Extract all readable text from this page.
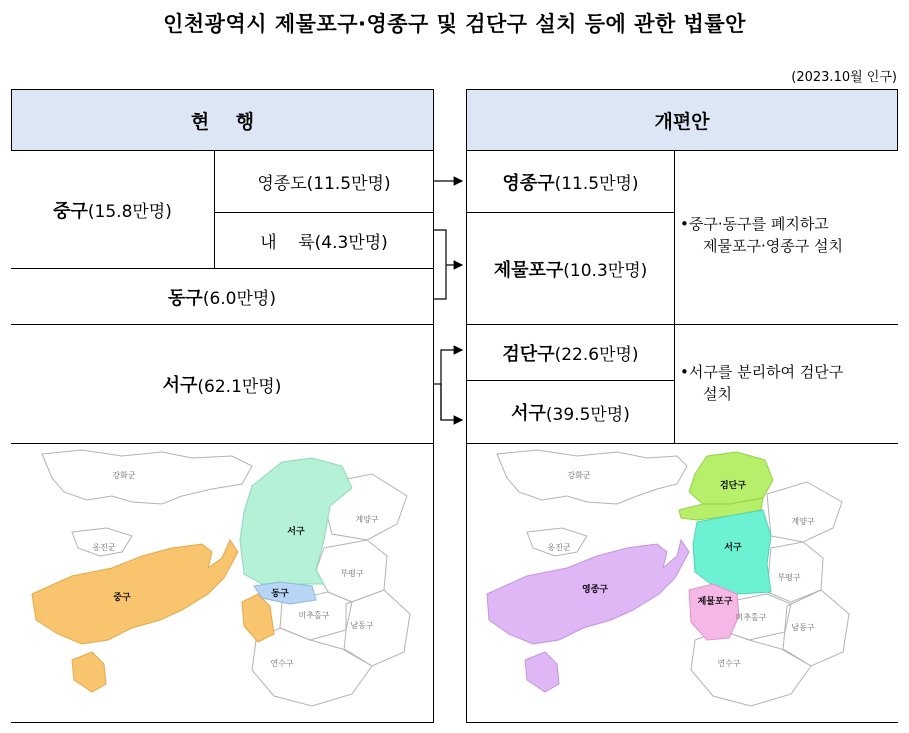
인천광역시 제물포구·영종구 및 검단구 설치 등에 관한 법률안
(2023.10월 인구)
현    행
중구 (15.8만명)
영종도(11.5만명)
내    륙(4.3만명)
동구 (6.0만명)
서구 (62.1만명)
개편안
영종구 (11.5만명)
제물포구 (10.3만명)
•중구·동구를 폐지하고
제물포구·영종구 설치
검단구 (22.6만명)
서구 (39.5만명)
•서구를 분리하여 검단구
설치
강화군
옹진군
계양구
부평구
미추홀구
남동구
연수구
중구
서구
동구
강화군
옹진군
계양구
부평구
미추홀구
남동구
연수구
영종구
검단구
서구
제물포구
